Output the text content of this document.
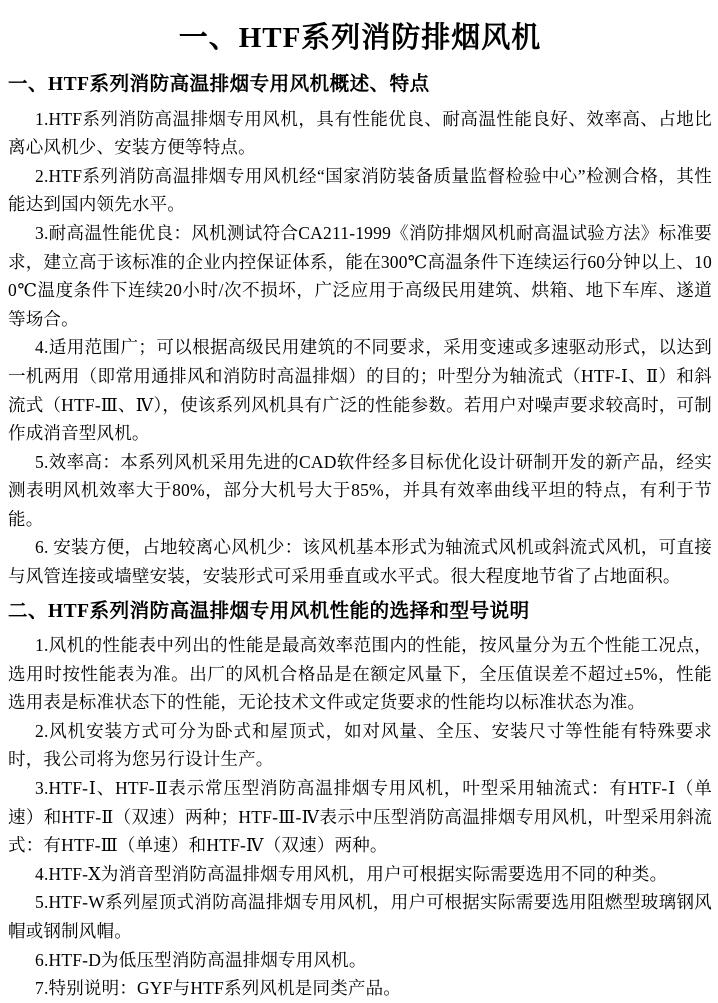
一、HTF系列消防排烟风机
一、HTF系列消防高温排烟专用风机概述、特点

1.HTF系列消防高温排烟专用风机，具有性能优良、耐高温性能良好、效率高、占地比离心风机少、安装方便等特点。

2.HTF系列消防高温排烟专用风机经“国家消防装备质量监督检验中心”检测合格，其性能达到国内领先水平。

3.耐高温性能优良：风机测试符合CA211-1999《消防排烟风机耐高温试验方法》标准要求，建立高于该标准的企业内控保证体系，能在300℃高温条件下连续运行60分钟以上、100℃温度条件下连续20小时/次不损坏，广泛应用于高级民用建筑、烘箱、地下车库、遂道等场合。

4.适用范围广；可以根据高级民用建筑的不同要求，采用变速或多速驱动形式，以达到一机两用（即常用通排风和消防时高温排烟）的目的；叶型分为轴流式（HTF-Ⅰ、Ⅱ）和斜流式（HTF-Ⅲ、Ⅳ），使该系列风机具有广泛的性能参数。若用户对噪声要求较高时，可制作成消音型风机。

5.效率高：本系列风机采用先进的CAD软件经多目标优化设计研制开发的新产品，经实测表明风机效率大于80%，部分大机号大于85%，并具有效率曲线平坦的特点，有利于节能。

6. 安装方便，占地较离心风机少：该风机基本形式为轴流式风机或斜流式风机，可直接与风管连接或墙壁安装，安装形式可采用垂直或水平式。很大程度地节省了占地面积。

二、HTF系列消防高温排烟专用风机性能的选择和型号说明

1.风机的性能表中列出的性能是最高效率范围内的性能，按风量分为五个性能工况点，选用时按性能表为准。出厂的风机合格品是在额定风量下，全压值误差不超过±5%，性能选用表是标准状态下的性能，无论技术文件或定货要求的性能均以标准状态为准。

2.风机安装方式可分为卧式和屋顶式，如对风量、全压、安装尺寸等性能有特殊要求时，我公司将为您另行设计生产。

3.HTF-Ⅰ、HTF-Ⅱ表示常压型消防高温排烟专用风机，叶型采用轴流式：有HTF-Ⅰ（单速）和HTF-Ⅱ（双速）两种；HTF-Ⅲ-Ⅳ表示中压型消防高温排烟专用风机，叶型采用斜流式：有HTF-Ⅲ（单速）和HTF-Ⅳ（双速）两种。

4.HTF-Ⅹ为消音型消防高温排烟专用风机，用户可根据实际需要选用不同的种类。

5.HTF-W系列屋顶式消防高温排烟专用风机，用户可根据实际需要选用阻燃型玻璃钢风帽或钢制风帽。

6.HTF-D为低压型消防高温排烟专用风机。

7.特别说明：GYF与HTF系列风机是同类产品。
